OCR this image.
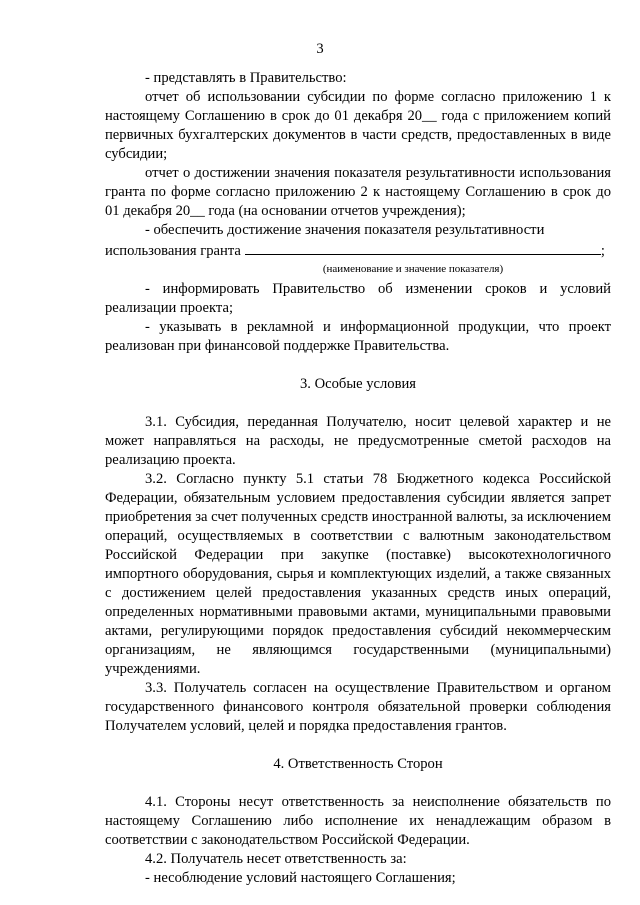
3

- представлять в Правительство:

отчет об использовании субсидии по форме согласно приложению 1 к настоящему Соглашению в срок до 01 декабря 20__ года с приложением копий первичных бухгалтерских документов в части средств, предоставленных в виде субсидии;

отчет о достижении значения показателя результативности использования гранта по форме согласно приложению 2 к настоящему Соглашению в срок до 01 декабря 20__ года (на основании отчетов учреждения);

- обеспечить достижение значения показателя результативности

использования гранта	;

(наименование и значение показателя)

- информировать Правительство об изменении сроков и условий реализации проекта;

- указывать в рекламной и информационной продукции, что проект реализован при финансовой поддержке Правительства.

3. Особые условия

3.1. Субсидия, переданная Получателю, носит целевой характер и не может направляться на расходы, не предусмотренные сметой расходов на реализацию проекта.

3.2. Согласно пункту 5.1 статьи 78 Бюджетного кодекса Российской Федерации, обязательным условием предоставления субсидии является запрет приобретения за счет полученных средств иностранной валюты, за исключением операций, осуществляемых в соответствии с валютным законодательством Российской Федерации при закупке (поставке) высокотехнологичного импортного оборудования, сырья и комплектующих изделий, а также связанных с достижением целей предоставления указанных средств иных операций, определенных нормативными правовыми актами, муниципальными правовыми актами, регулирующими порядок предоставления субсидий некоммерческим организациям, не являющимся государственными (муниципальными) учреждениями.

3.3. Получатель согласен на осуществление Правительством и органом государственного финансового контроля обязательной проверки соблюдения Получателем условий, целей и порядка предоставления грантов.

4. Ответственность Сторон

4.1. Стороны несут ответственность за неисполнение обязательств по настоящему Соглашению либо исполнение их ненадлежащим образом в соответствии с законодательством Российской Федерации.

4.2. Получатель несет ответственность за:

- несоблюдение условий настоящего Соглашения;
